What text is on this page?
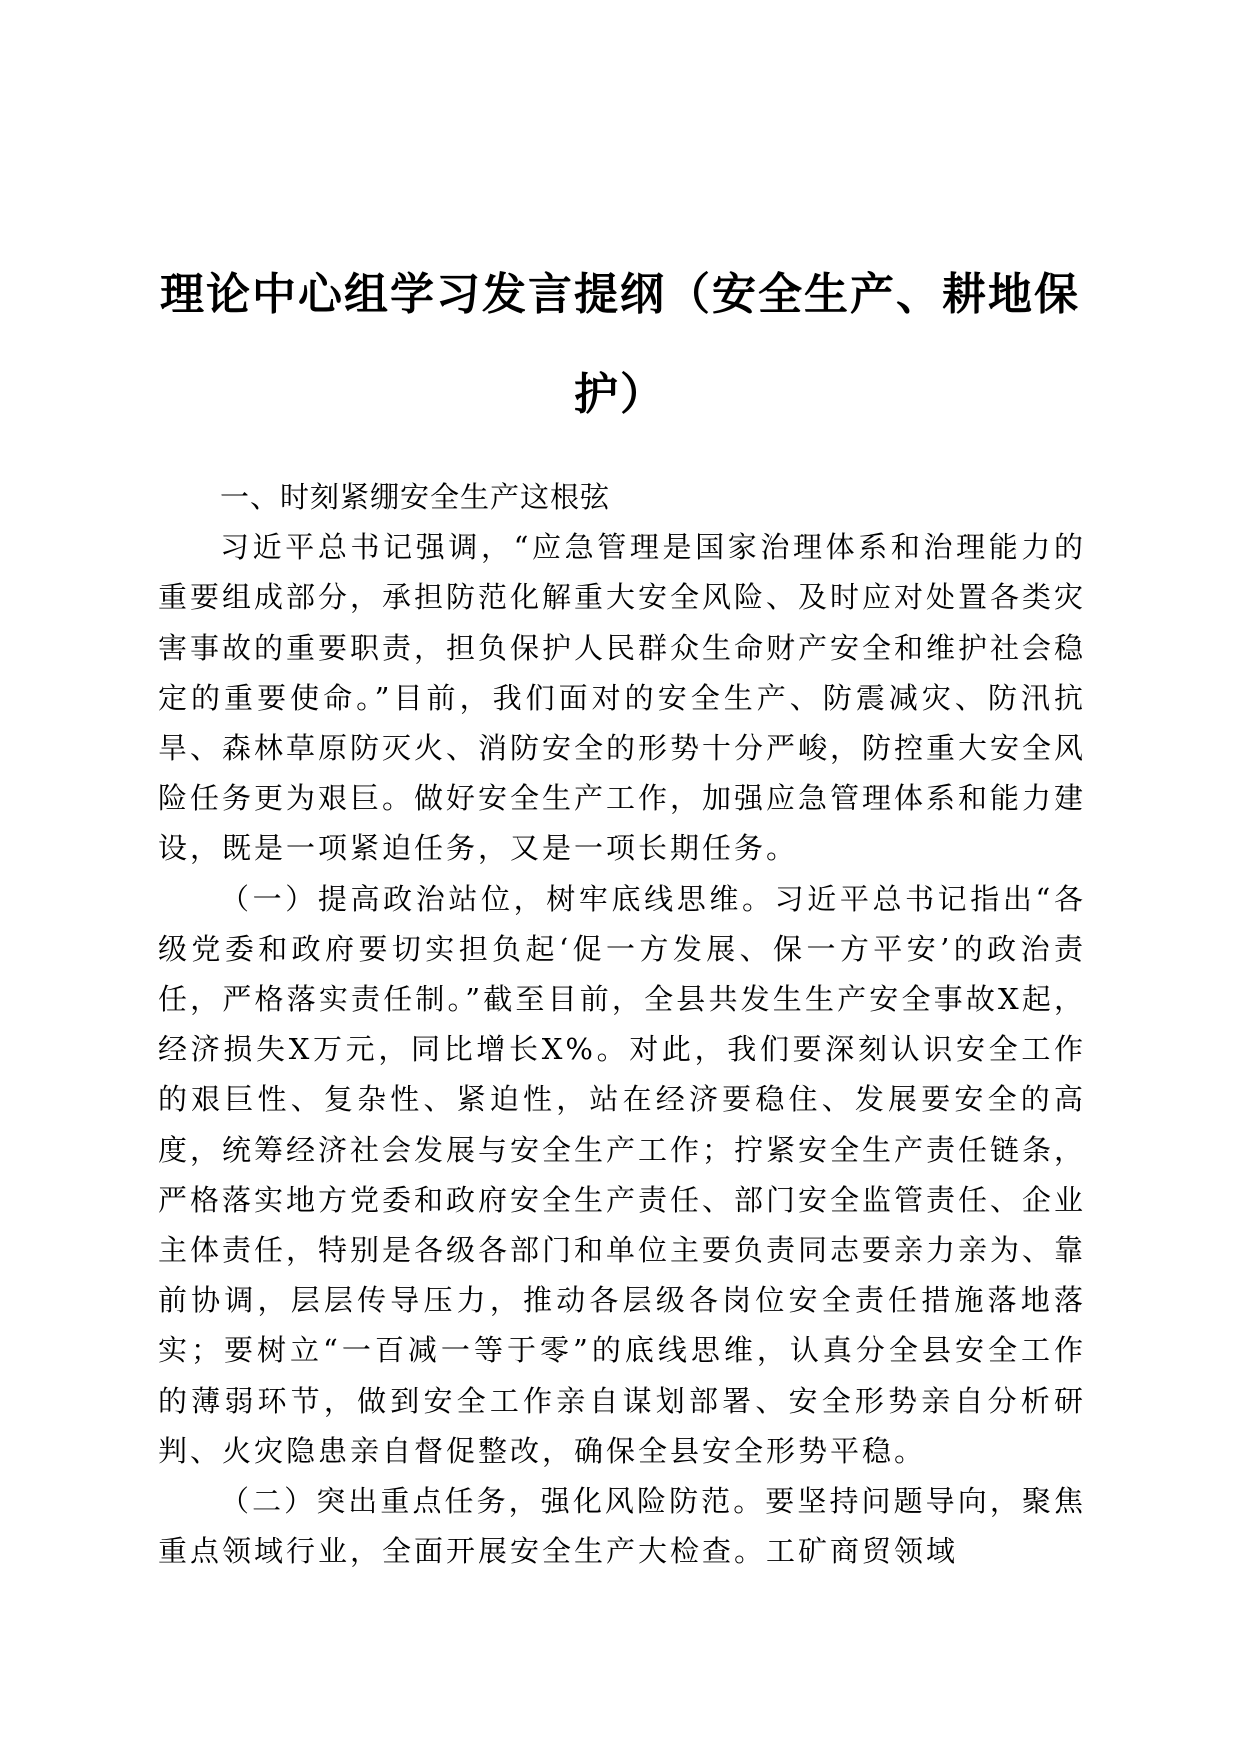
理论中心组学习发言提纲（安全生产、耕地保护）
一、时刻紧绷安全生产这根弦

习近平总书记强调，“应急管理是国家治理体系和治理能力的重要组成部分，承担防范化解重大安全风险、及时应对处置各类灾害事故的重要职责，担负保护人民群众生命财产安全和维护社会稳定的重要使命。”目前，我们面对的安全生产、防震减灾、防汛抗旱、森林草原防灭火、消防安全的形势十分严峻，防控重大安全风险任务更为艰巨。做好安全生产工作，加强应急管理体系和能力建设，既是一项紧迫任务，又是一项长期任务。

（一）提高政治站位，树牢底线思维。习近平总书记指出“各级党委和政府要切实担负起‘促一方发展、保一方平安’的政治责任，严格落实责任制。”截至目前，全县共发生生产安全事故X起，经济损失X万元，同比增长X%。对此，我们要深刻认识安全工作的艰巨性、复杂性、紧迫性，站在经济要稳住、发展要安全的高度，统筹经济社会发展与安全生产工作；拧紧安全生产责任链条，严格落实地方党委和政府安全生产责任、部门安全监管责任、企业主体责任，特别是各级各部门和单位主要负责同志要亲力亲为、靠前协调，层层传导压力，推动各层级各岗位安全责任措施落地落实；要树立“一百减一等于零”的底线思维，认真分全县安全工作的薄弱环节，做到安全工作亲自谋划部署、安全形势亲自分析研判、火灾隐患亲自督促整改，确保全县安全形势平稳。

（二）突出重点任务，强化风险防范。要坚持问题导向，聚焦重点领域行业，全面开展安全生产大检查。工矿商贸领域
